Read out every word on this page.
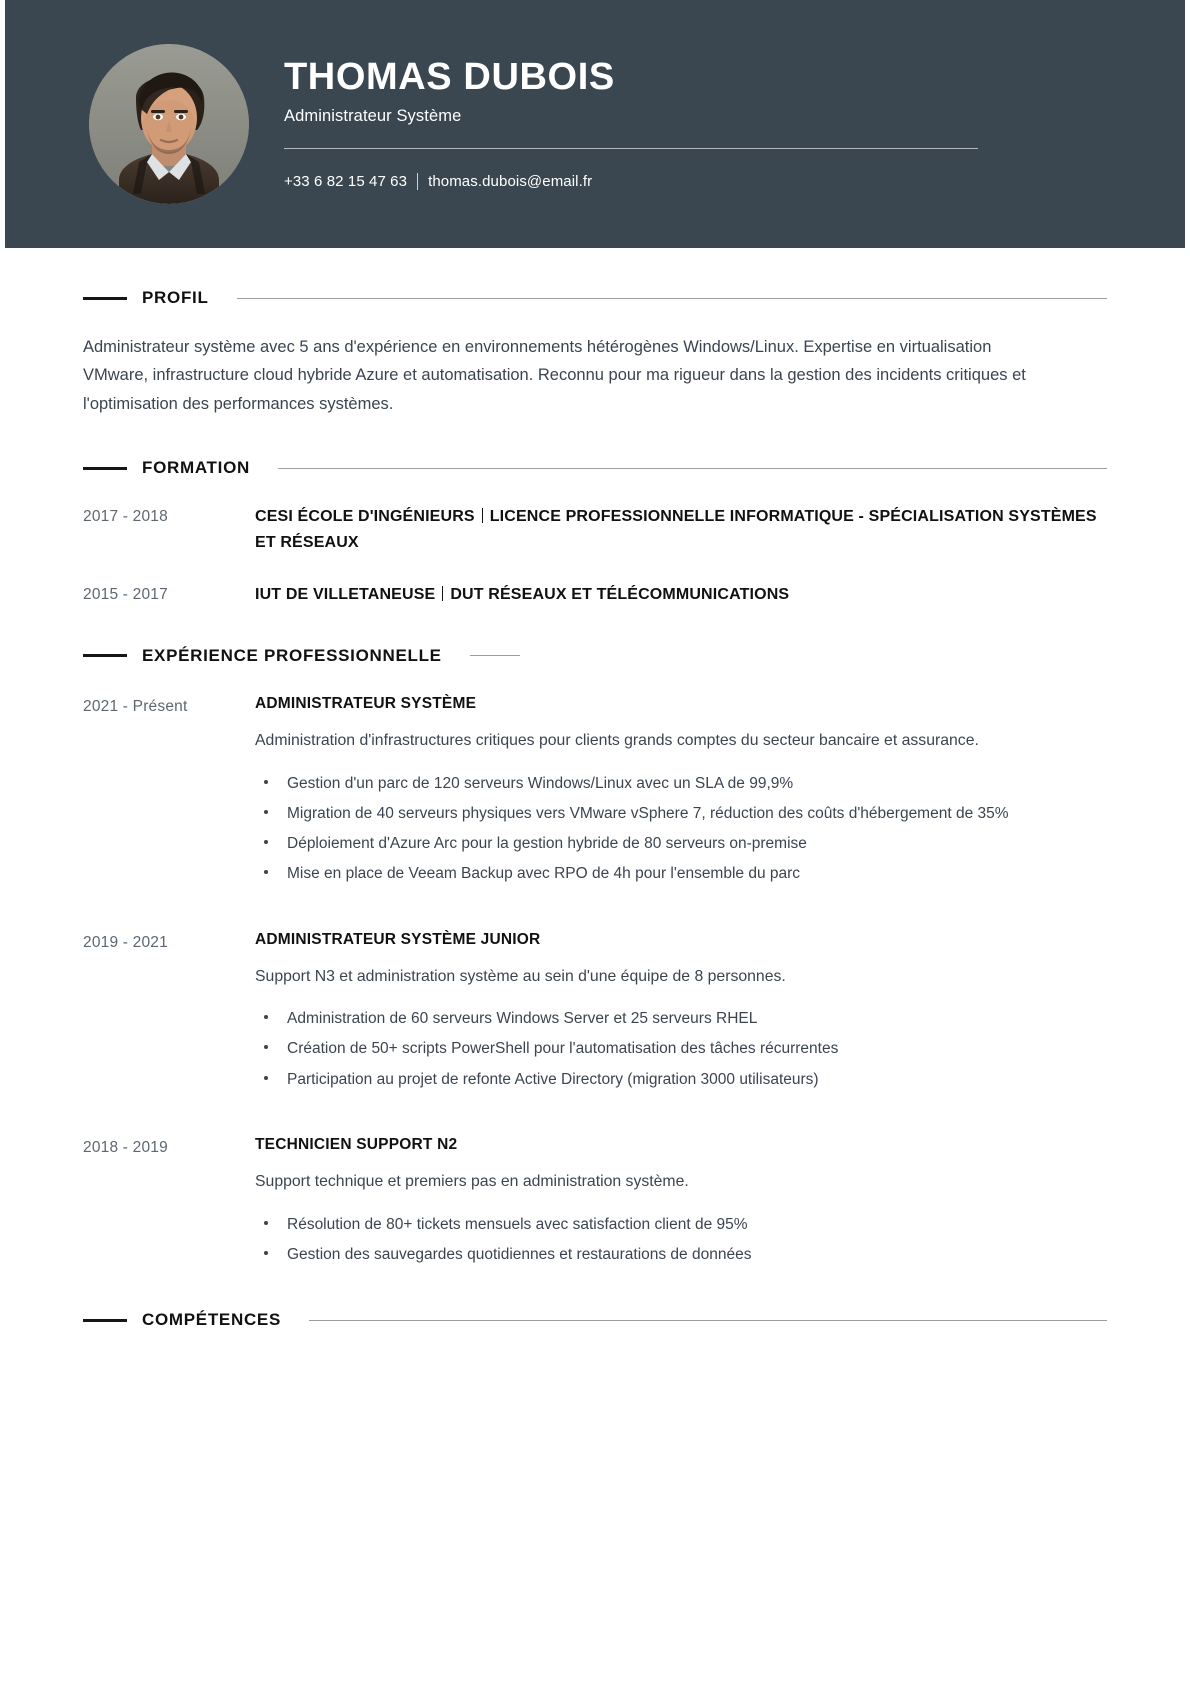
THOMAS DUBOIS
Administrateur Système
+33 6 82 15 47 63 thomas.dubois@email.fr
PROFIL

Administrateur système avec 5 ans d'expérience en environnements hétérogènes Windows/Linux. Expertise en virtualisation VMware, infrastructure cloud hybride Azure et automatisation. Reconnu pour ma rigueur dans la gestion des incidents critiques et l'optimisation des performances systèmes.

FORMATION
2017 - 2018	CESI ÉCOLE D'INGÉNIEURS LICENCE PROFESSIONNELLE INFORMATIQUE - SPÉCIALISATION SYSTÈMES ET RÉSEAUX
2015 - 2017	IUT DE VILLETANEUSE DUT RÉSEAUX ET TÉLÉCOMMUNICATIONS
EXPÉRIENCE PROFESSIONNELLE
2021 - Présent	ADMINISTRATEUR SYSTÈME
Administration d'infrastructures critiques pour clients grands comptes du secteur bancaire et assurance.
Gestion d'un parc de 120 serveurs Windows/Linux avec un SLA de 99,9%
Migration de 40 serveurs physiques vers VMware vSphere 7, réduction des coûts d'hébergement de 35%
Déploiement d'Azure Arc pour la gestion hybride de 80 serveurs on-premise
Mise en place de Veeam Backup avec RPO de 4h pour l'ensemble du parc
2019 - 2021	ADMINISTRATEUR SYSTÈME JUNIOR
Support N3 et administration système au sein d'une équipe de 8 personnes.
Administration de 60 serveurs Windows Server et 25 serveurs RHEL
Création de 50+ scripts PowerShell pour l'automatisation des tâches récurrentes
Participation au projet de refonte Active Directory (migration 3000 utilisateurs)
2018 - 2019	TECHNICIEN SUPPORT N2
Support technique et premiers pas en administration système.
Résolution de 80+ tickets mensuels avec satisfaction client de 95%
Gestion des sauvegardes quotidiennes et restaurations de données
COMPÉTENCES
